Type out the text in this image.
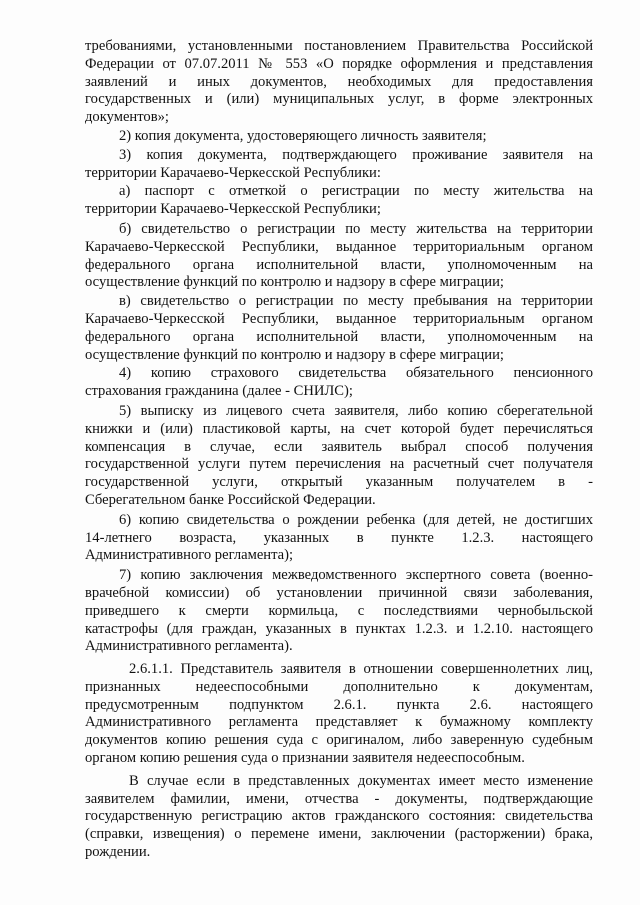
требованиями, установленными постановлением Правительства Российской
Федерации от 07.07.2011 № 553 «О порядке оформления и представления
заявлений и иных документов, необходимых для предоставления
государственных и (или) муниципальных услуг, в форме электронных
документов»;
2) копия документа, удостоверяющего личность заявителя;
3) копия документа, подтверждающего проживание заявителя на
территории Карачаево-Черкесской Республики:
а) паспорт с отметкой о регистрации по месту жительства на
территории Карачаево-Черкесской Республики;
б) свидетельство о регистрации по месту жительства на территории
Карачаево-Черкесской Республики, выданное территориальным органом
федерального органа исполнительной власти, уполномоченным на
осуществление функций по контролю и надзору в сфере миграции;
в) свидетельство о регистрации по месту пребывания на территории
Карачаево-Черкесской Республики, выданное территориальным органом
федерального органа исполнительной власти, уполномоченным на
осуществление функций по контролю и надзору в сфере миграции;
4) копию страхового свидетельства обязательного пенсионного
страхования гражданина (далее - СНИЛС);
5) выписку из лицевого счета заявителя, либо копию сберегательной
книжки и (или) пластиковой карты, на счет которой будет перечисляться
компенсация в случае, если заявитель выбрал способ получения
государственной услуги путем перечисления на расчетный счет получателя
государственной услуги, открытый указанным получателем в -
Сберегательном банке Российской Федерации.
6) копию свидетельства о рождении ребенка (для детей, не достигших
14-летнего возраста, указанных в пункте 1.2.3. настоящего
Административного регламента);
7) копию заключения межведомственного экспертного совета (военно-
врачебной комиссии) об установлении причинной связи заболевания,
приведшего к смерти кормильца, с последствиями чернобыльской
катастрофы (для граждан, указанных в пунктах 1.2.3. и 1.2.10. настоящего
Административного регламента).
2.6.1.1. Представитель заявителя в отношении совершеннолетних лиц,
признанных недееспособными дополнительно к документам,
предусмотренным подпунктом 2.6.1. пункта 2.6. настоящего
Административного регламента представляет к бумажному комплекту
документов копию решения суда с оригиналом, либо заверенную судебным
органом копию решения суда о признании заявителя недееспособным.
В случае если в представленных документах имеет место изменение
заявителем фамилии, имени, отчества - документы, подтверждающие
государственную регистрацию актов гражданского состояния: свидетельства
(справки, извещения) о перемене имени, заключении (расторжении) брака,
рождении.
